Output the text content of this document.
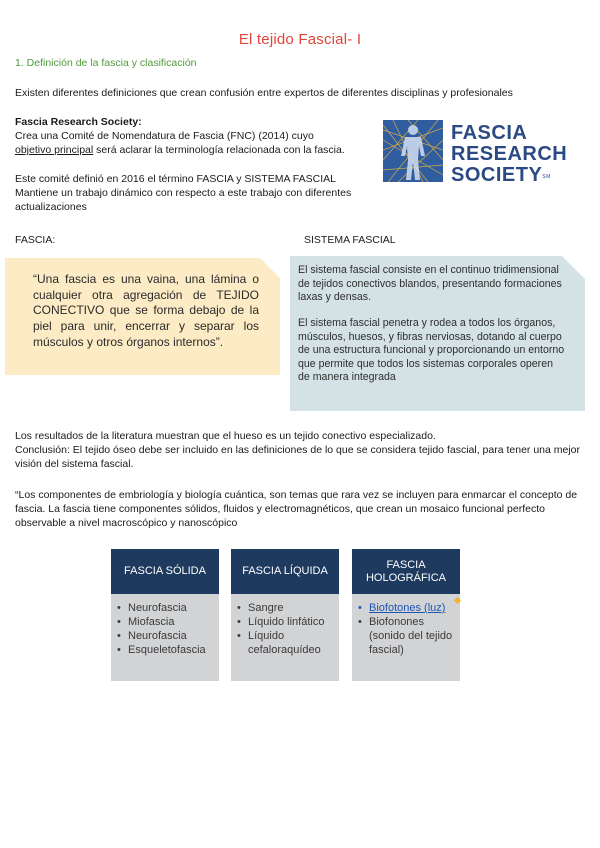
El tejido Fascial- I
1. Definición de la fascia y clasificación
Existen diferentes definiciones que crean confusión entre expertos de diferentes disciplinas y profesionales
Fascia Research Society:
Crea una Comité de Nomendatura de Fascia (FNC) (2014) cuyo
objetivo principal será aclarar la terminología relacionada con la fascia.
Este comité definió en 2016 el término FASCIA y SISTEMA FASCIAL Mantiene un trabajo dinámico con respecto a este trabajo con diferentes actualizaciones
FASCIA
RESEARCH
SOCIETY℠
FASCIA:	SISTEMA FASCIAL
“Una fascia es una vaina, una lámina o cualquier otra agregación de TEJIDO CONECTIVO que se forma debajo de la piel para unir, encerrar y separar los músculos y otros órganos internos”.
El sistema fascial consiste en el continuo tridimensional de tejidos conectivos blandos, presentando formaciones laxas y densas.
El sistema fascial penetra y rodea a todos los órganos, músculos, huesos, y fibras nerviosas, dotando al cuerpo de una estructura funcional y proporcionando un entorno que permite que todos los sistemas corporales operen de manera integrada
Los resultados de la literatura muestran que el hueso es un tejido conectivo especializado.
Conclusión: El tejido óseo debe ser incluido en las definiciones de lo que se considera tejido fascial, para tener una mejor visión del sistema fascial.
“Los componentes de embriología y biología cuántica, son temas que rara vez se incluyen para enmarcar el concepto de fascia. La fascia tiene componentes sólidos, fluidos y electromagnéticos, que crean un mosaico funcional perfecto observable a nivel macroscópico y nanoscópico
FASCIA SÓLIDA
• Neurofascia
• Miofascia
• Neurofascia
• Esqueletofascia
FASCIA LÍQUIDA
• Sangre
• Líquido linfático
• Líquido cefaloraquídeo
FASCIA HOLOGRÁFICA
• Biofotones (luz)
• Biofonones (sonido del tejido fascial)
